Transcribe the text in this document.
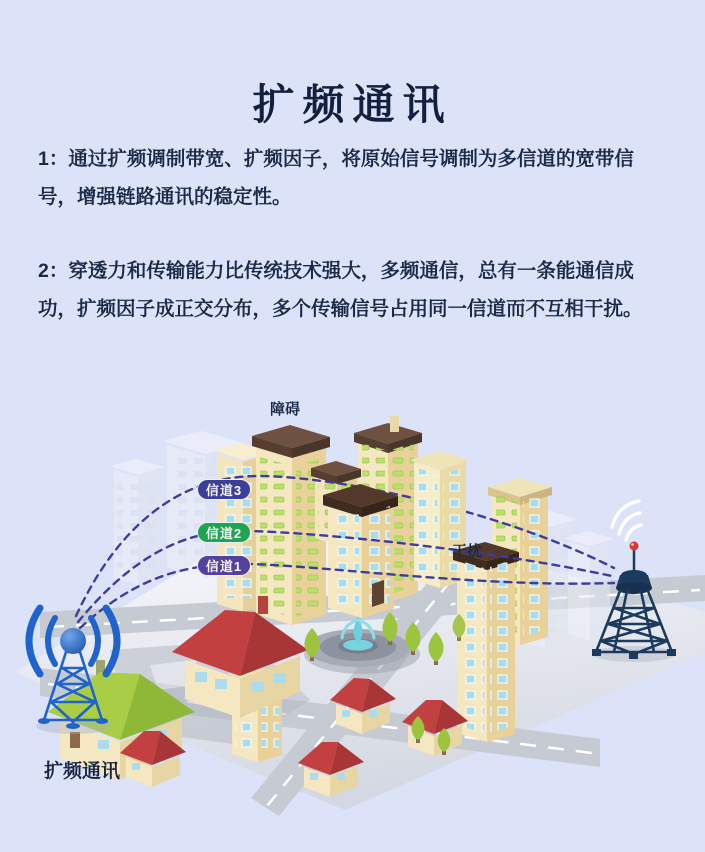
扩频通讯

1：通过扩频调制带宽、扩频因子，将原始信号调制为多信道的宽带信号，增强链路通讯的稳定性。

2：穿透力和传输能力比传统技术强大，多频通信，总有一条能通信成功，扩频因子成正交分布，多个传输信号占用同一信道而不互相干扰。

障碍
干扰
信道3
信道2
信道1
扩频通讯
